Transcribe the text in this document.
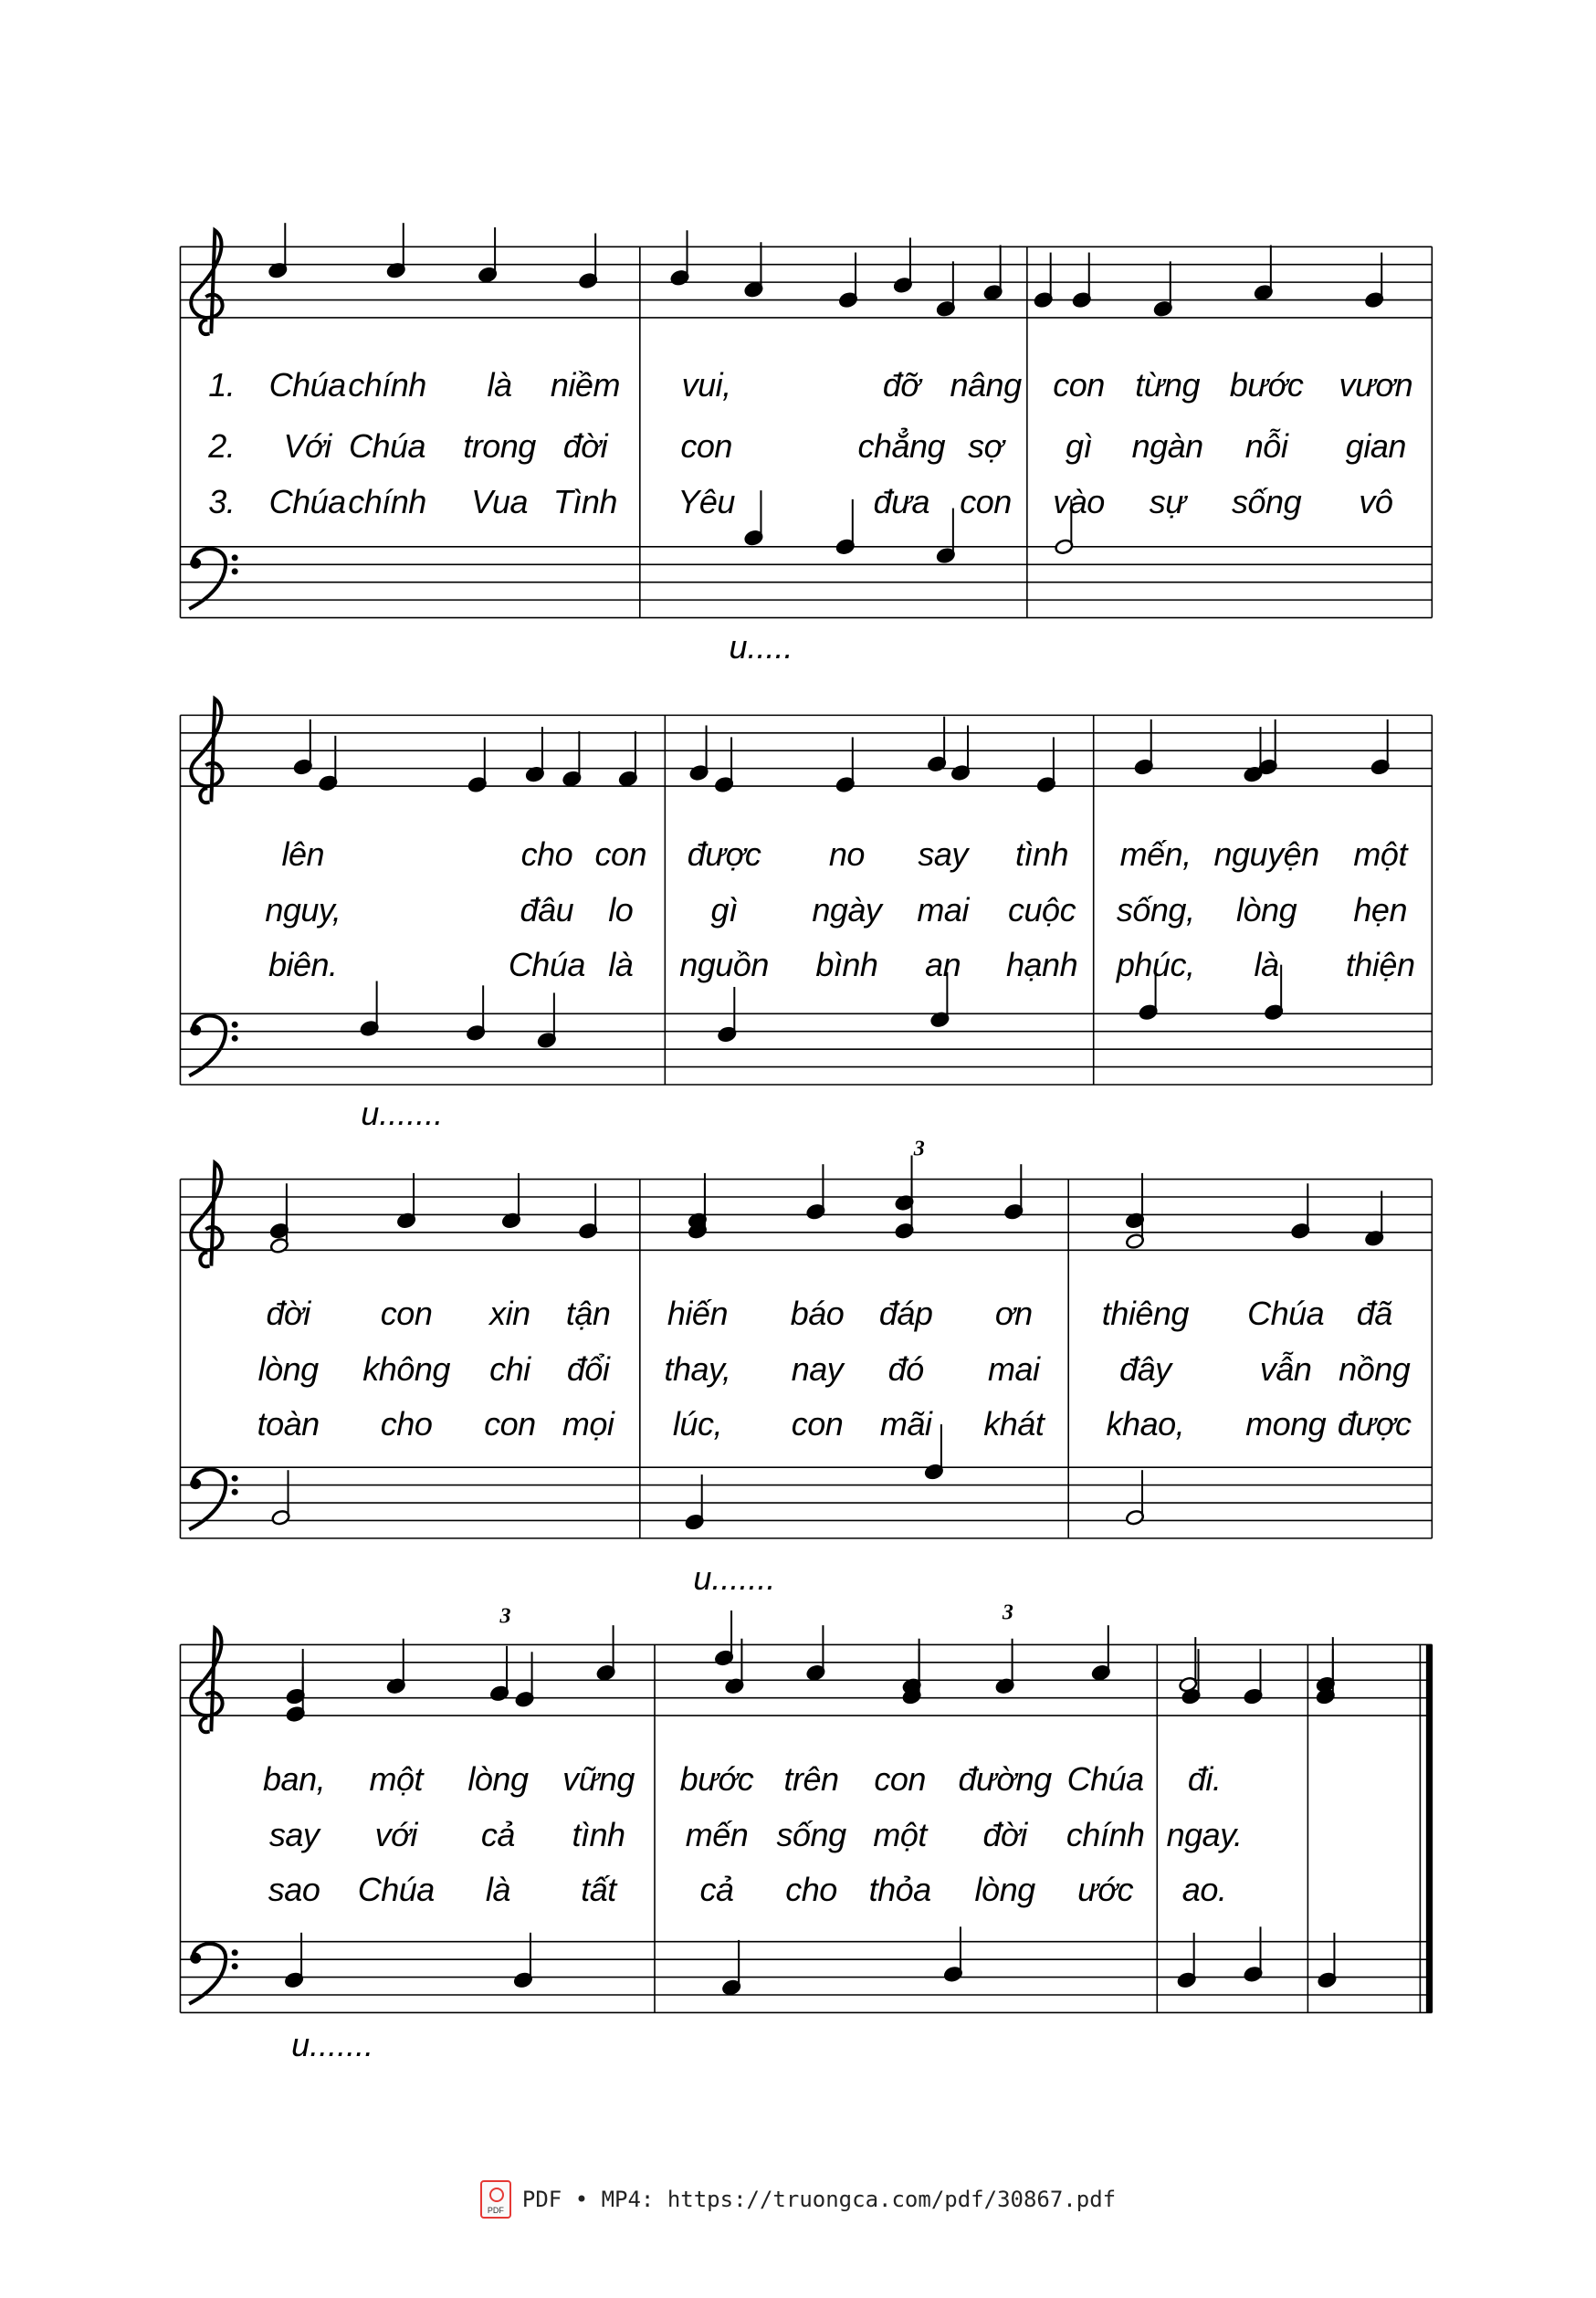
PDF PDF • MP4: https://truongca.com/pdf/30867.pdf
1. Chúa chính là niềm vui,	đỡ nâng con từng bước vươn
2. Với Chúa trong đời con	chẳng sợ gì ngàn nỗi gian
3. Chúa chính Vua Tình Yêu	đưa con vào sự sống vô
u.....
lên	cho con được no say tình mến, nguyện một
nguy,	đâu lo gì ngày mai cuộc sống, lòng hẹn
biên.	Chúa là nguồn bình an hạnh phúc, là thiện
u.......
3
đời con xin tận hiến báo đáp ơn thiêng Chúa đã
lòng không chi đổi thay, nay đó mai đây	vẫn nồng
toàn cho con mọi lúc, con mãi khát khao, mong được
u.......
3	3
ban, một lòng vững bước trên con đường Chúa đi.
say với cả tình mến sống một đời chính ngay.
sao Chúa là tất	cả cho thỏa lòng ước ao.
u.......
